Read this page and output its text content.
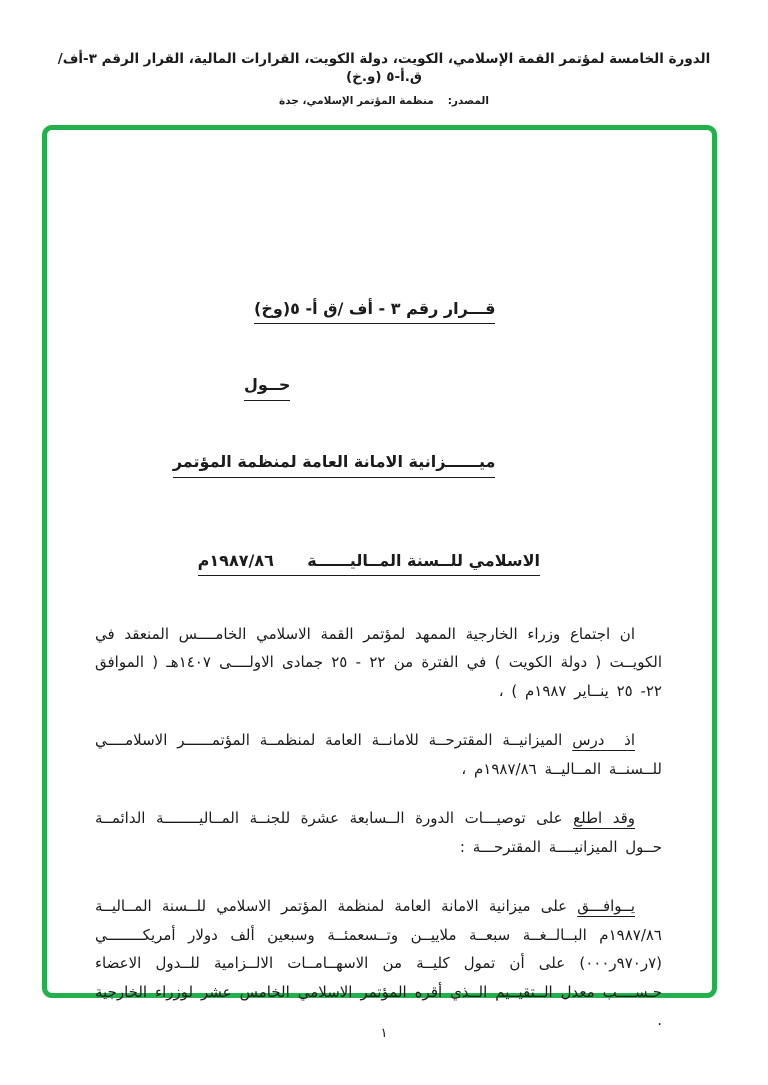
الدورة الخامسة لمؤتمر القمة الإسلامي، الكويت، دولة الكويت، القرارات المالية، القرار الرقم ٣-أف/ ق.أ-٥ (و.خ)
المصدر:منظمة المؤتمر الإسلامي، جدة

قـــرار رقم ٣ - أف /ق أ- ٥(وخ)

حــول

ميــــــزانية الامانة العامة لمنظمة المؤتمر

الاسلامي للــسنة المــاليــــــة      ١٩٨٧/٨٦م

ان اجتماع وزراء الخارجية الممهد لمؤتمر القمة الاسلامي الخامــــس المنعقد في الكويــت ( دولة الكويت ) في الفترة من ٢٢ - ٢٥ جمادى الاولــــى ١٤٠٧هـ ( الموافق ٢٢- ٢٥ ينــاير ١٩٨٧م ) ،

اذ  درس الميزانيــة المقترحــة للامانــة العامة لمنظمــة المؤتمــــــر الاسلامــــي للــسنــة المــاليــة ١٩٨٧/٨٦م ،

وقد اطلع على توصيـــات الدورة الــسابعة عشرة للجنــة المــاليــــــــة الدائمــة حــول الميزانيــــة المقترحـــة :

يــوافـــق على ميزانية الامانة العامة لمنظمة المؤتمر الاسلامي للــسنة المــاليــة ١٩٨٧/٨٦م البــالــغــة سبعــة ملاييــن وتــسعمئــة وسبعين ألف دولار أمريكــــــــي (٧ر٩٧٠ر٠٠٠) على أن تمول كليــة من الاسهــامــات الالــزامية للــدول الاعضاء حـســــب معدل الــتقيــيم الــذي أقره المؤتمر الاسلامي الخامس عشر لوزراء الخارجية .

١
